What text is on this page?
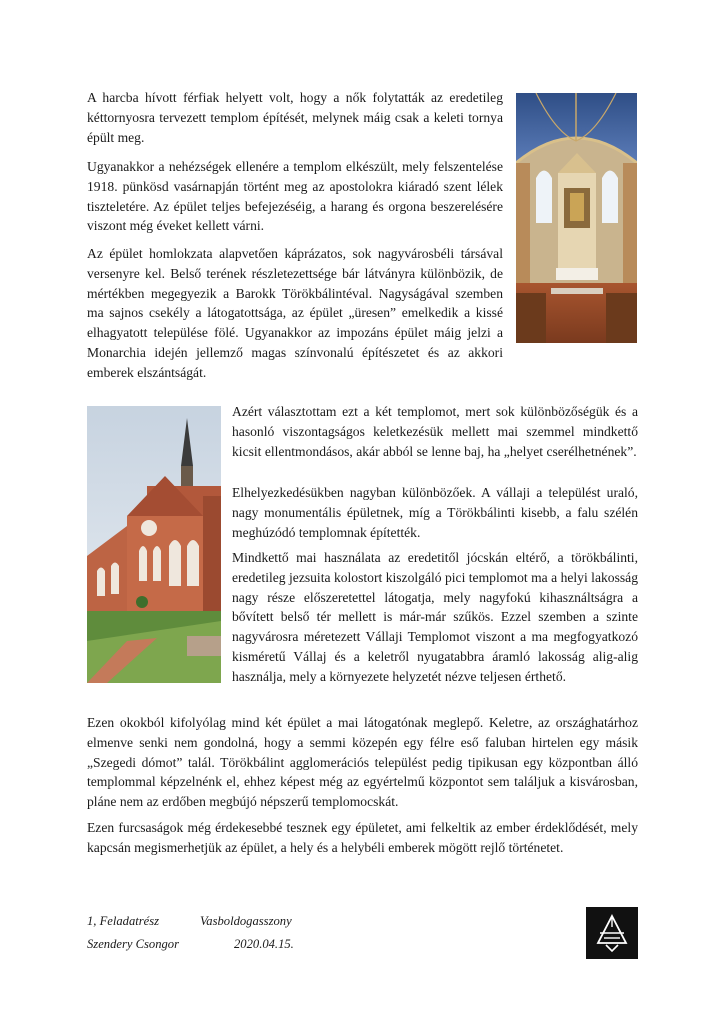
A harcba hívott férfiak helyett volt, hogy a nők folytatták az eredetileg kéttornyosra tervezett templom építését, melynek máig csak a keleti tornya épült meg.

Ugyanakkor a nehézségek ellenére a templom elkészült, mely felszentelése 1918. pünkösd vasárnapján történt meg az apostolokra kiáradó szent lélek tiszteletére. Az épület teljes befejezéséig, a harang és orgona beszerelésére viszont még éveket kellett várni.

Az épület homlokzata alapvetően káprázatos, sok nagyvárosbéli társával versenyre kel. Belső terének részletezettsége bár látványra különbözik, de mértékben megegyezik a Barokk Törökbálintéval. Nagyságával szemben ma sajnos csekély a látogatottsága, az épület „üresen” emelkedik a kissé elhagyatott települése fölé. Ugyanakkor az impozáns épület máig jelzi a Monarchia idején jellemző magas színvonalú építészetet és az akkori emberek elszántságát.

Azért választottam ezt a két templomot, mert sok különbözőségük és a hasonló viszontagságos keletkezésük mellett mai szemmel mindkettő kicsit ellentmondásos, akár abból se lenne baj, ha „helyet cserélhetnének”.

Elhelyezkedésükben nagyban különbözőek. A vállaji a települést uraló, nagy monumentális épületnek, míg a Törökbálinti kisebb, a falu szélén meghúzódó templomnak építették.

Mindkettő mai használata az eredetitől jócskán eltérő, a törökbálinti, eredetileg jezsuita kolostort kiszolgáló pici templomot ma a helyi lakosság nagy része előszeretettel látogatja, mely nagyfokú kihasználtságra a bővített belső tér mellett is már-már szűkös. Ezzel szemben a szinte nagyvárosra méretezett Vállaji Templomot viszont a ma megfogyatkozó kisméretű Vállaj és a keletről nyugatabbra áramló lakosság alig-alig használja, mely a környezete helyzetét nézve teljesen érthető.

Ezen okokból kifolyólag mind két épület a mai látogatónak meglepő. Keletre, az országhatárhoz elmenve senki nem gondolná, hogy a semmi közepén egy félre eső faluban hirtelen egy másik „Szegedi dómot” talál. Törökbálint agglomerációs települést pedig tipikusan egy központban álló templommal képzelnénk el, ehhez képest még az egyértelmű központot sem találjuk a kisvárosban, pláne nem az erdőben megbújó népszerű templomocskát.

Ezen furcsaságok még érdekesebbé tesznek egy épületet, ami felkeltik az ember érdeklődését, mely kapcsán megismerhetjük az épület, a hely és a helybéli emberek mögött rejlő történetet.

1, Feladatrész	Vasboldogasszony
Szendery Csongor	2020.04.15.
